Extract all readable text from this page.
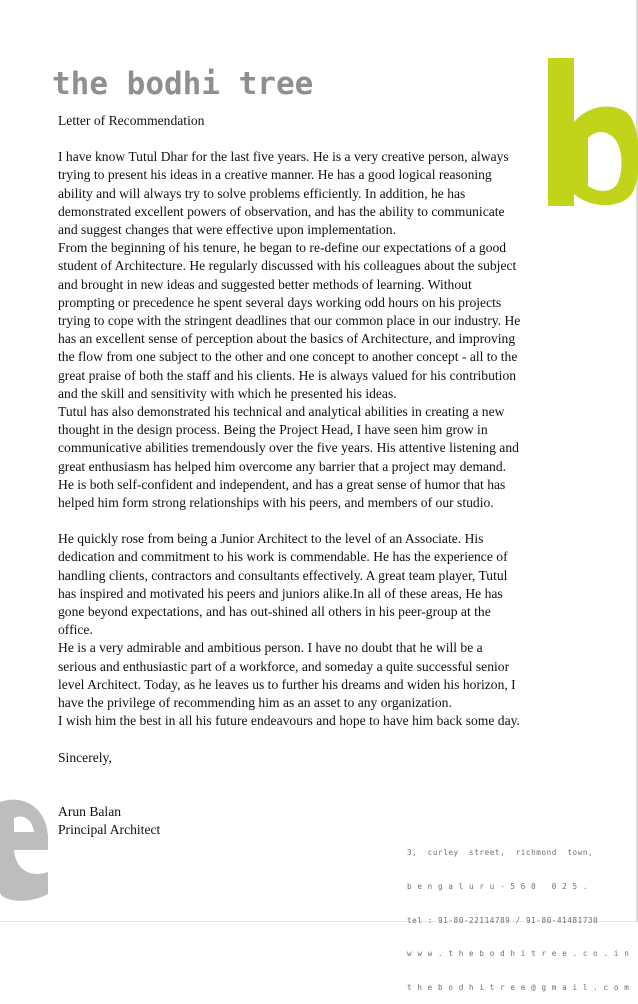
the bodhi tree

Letter of Recommendation

I have know Tutul Dhar for the last five years. He is a very creative person, always
trying to present his ideas in a creative manner. He has a good logical reasoning
ability and will always try to solve problems efficiently. In addition, he has
demonstrated excellent powers of observation, and has the ability to communicate
and suggest changes that were effective upon implementation.

From the beginning of his tenure, he began to re-define our expectations of a good
student of Architecture. He regularly discussed with his colleagues about the subject
and brought in new ideas and suggested better methods of learning. Without
prompting or precedence he spent several days working odd hours on his projects
trying to cope with the stringent deadlines that our common place in our industry. He
has an excellent sense of perception about the basics of Architecture, and improving
the flow from one subject to the other and one concept to another concept - all to the
great praise of both the staff and his clients. He is always valued for his contribution
and the skill and sensitivity with which he presented his ideas.

Tutul has also demonstrated his technical and analytical abilities in creating a new
thought in the design process. Being the Project Head, I have seen him grow in
communicative abilities tremendously over the five years. His attentive listening and
great enthusiasm has helped him overcome any barrier that a project may demand.
He is both self-confident and independent, and has a great sense of humor that has
helped him form strong relationships with his peers, and members of our studio.

He quickly rose from being a Junior Architect to the level of an Associate. His
dedication and commitment to his work is commendable. He has the experience of
handling clients, contractors and consultants effectively. A great team player, Tutul
has inspired and motivated his peers and juniors alike.In all of these areas, He has
gone beyond expectations, and has out-shined all others in his peer-group at the
office.

He is a very admirable and ambitious person. I have no doubt that he will be a
serious and enthusiastic part of a workforce, and someday a quite successful senior
level Architect. Today, as he leaves us to further his dreams and widen his horizon, I
have the privilege of recommending him as an asset to any organization.

I wish him the best in all his future endeavours and hope to have him back some day.

Sincerely,

Arun Balan

Principal Architect

3,  curley  street,  richmond  town,

b e n g a l u r u - 5 6 0   0 2 5 .

tel : 91-80-22114789 / 91-80-41481730

w w w . t h e b o d h i t r e e . c o . i n

t h e b o d h i t r e e @ g m a i l . c o m
